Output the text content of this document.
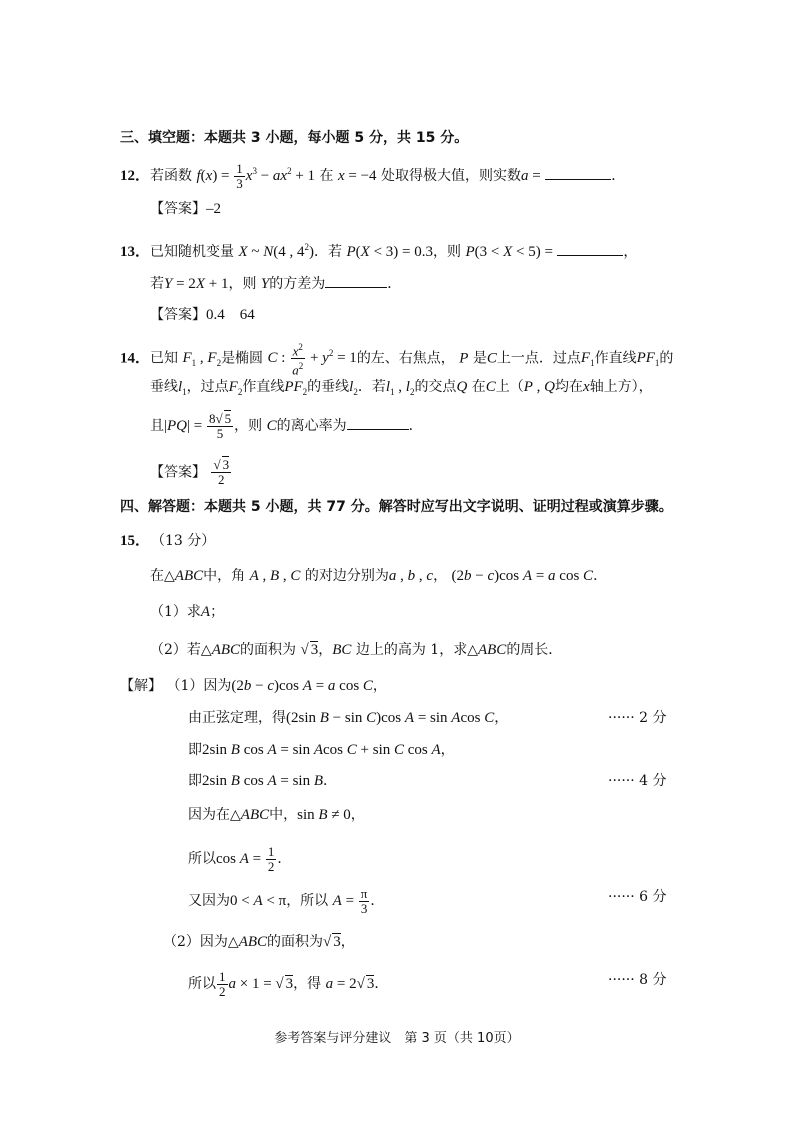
三、填空题：本题共 3 小题，每小题 5 分，共 15 分。
12．若函数 $f(x) = \frac{1}{3} x^3 - ax^2 + 1$ 在 x = −4 处取得极大值，则实数a =	．
【答案】–2
13．已知随机变量 X ~ N(4 , $4^2$)．若 P(X < 3) = 0.3，则 P(3 < X < 5) =	，
若Y = 2X + 1，则 Y的方差为	．
【答案】0.4　64
14．已知 $F_1$ , $F_2$是椭圆 C : $\frac{x^2}{a^2} + y^2 = 1$的左、右焦点， P 是C上一点．过点$F_1$作直线$PF_1$的
垂线$l_1$，过点$F_2$作直线$PF_2$的垂线$l_2$．若$l_1$ , $l_2$的交点Q 在C上（P , Q均在x轴上方），
且$|PQ| = \frac{8√ 5}{5}$ ，则 C的离心率为	．
【答案】 $\frac{√ 3}{2}$
四、解答题：本题共 5 小题，共 77 分。解答时应写出文字说明、证明过程或演算步骤。
15． （13 分）
在△ABC中，角 A , B , C 的对边分别为a , b , c， (2b − c)cos A = a cos C．
（1）求A；
（2）若△ABC的面积为 √ 3，BC 边上的高为 1，求△ABC的周长．
【解】 （1）因为(2b − c)cos A = a cos C，
由正弦定理，得(2sin B − sin C)cos A = sin Acos C，	······ 2 分
即2sin B cos A = sin Acos C + sin C cos A，
即2sin B cos A = sin B．	······ 4 分
因为在△ABC中，sin B ≠ 0，
所以$\cos A = \frac{1}{2}$ ．
又因为0 < A < π，所以 $A = \frac{\pi}{3}$ ．	······ 6 分
（2）因为△ABC的面积为√ 3，
所以 $\frac{1}{2}$ a × 1 = √ 3，得 a = 2√ 3．	······ 8 分
参考答案与评分建议　第 3 页（共 10页）
